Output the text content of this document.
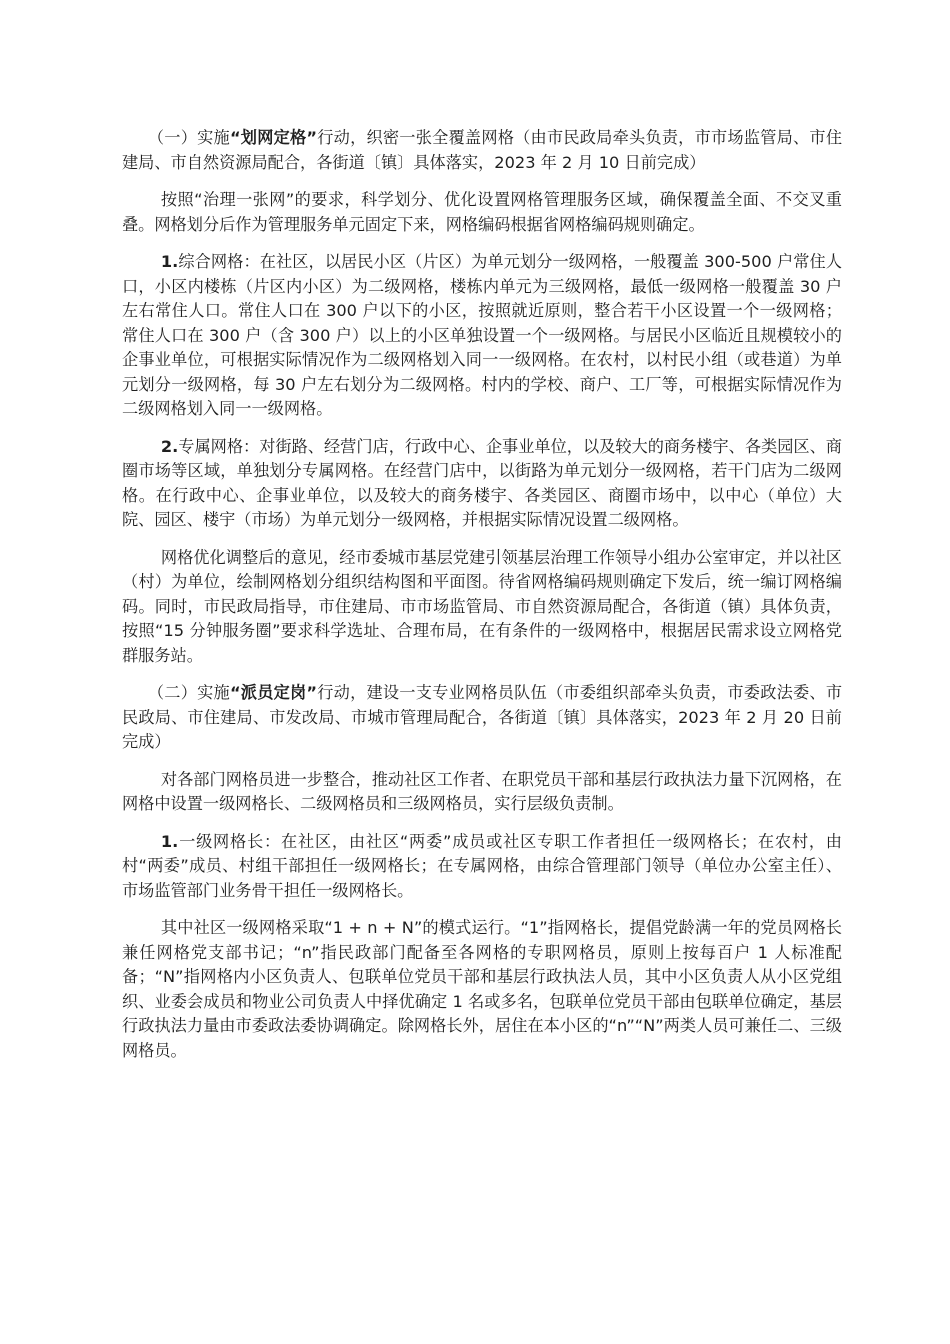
（一）实施“划网定格”行动，织密一张全覆盖网格（由市民政局牵头负责，市市场监管局、市住建局、市自然资源局配合，各街道〔镇〕具体落实，2023 年 2 月 10 日前完成）

按照“治理一张网”的要求，科学划分、优化设置网格管理服务区域，确保覆盖全面、不交叉重叠。网格划分后作为管理服务单元固定下来，网格编码根据省网格编码规则确定。

1.综合网格：在社区，以居民小区（片区）为单元划分一级网格，一般覆盖 300-500 户常住人口，小区内楼栋（片区内小区）为二级网格，楼栋内单元为三级网格，最低一级网格一般覆盖 30 户左右常住人口。常住人口在 300 户以下的小区，按照就近原则，整合若干小区设置一个一级网格；常住人口在 300 户（含 300 户）以上的小区单独设置一个一级网格。与居民小区临近且规模较小的企事业单位，可根据实际情况作为二级网格划入同一一级网格。在农村，以村民小组（或巷道）为单元划分一级网格，每 30 户左右划分为二级网格。村内的学校、商户、工厂等，可根据实际情况作为二级网格划入同一一级网格。

2.专属网格：对街路、经营门店，行政中心、企事业单位，以及较大的商务楼宇、各类园区、商圈市场等区域，单独划分专属网格。在经营门店中，以街路为单元划分一级网格，若干门店为二级网格。在行政中心、企事业单位，以及较大的商务楼宇、各类园区、商圈市场中，以中心（单位）大院、园区、楼宇（市场）为单元划分一级网格，并根据实际情况设置二级网格。

网格优化调整后的意见，经市委城市基层党建引领基层治理工作领导小组办公室审定，并以社区（村）为单位，绘制网格划分组织结构图和平面图。待省网格编码规则确定下发后，统一编订网格编码。同时，市民政局指导，市住建局、市市场监管局、市自然资源局配合，各街道（镇）具体负责，按照“15 分钟服务圈”要求科学选址、合理布局，在有条件的一级网格中，根据居民需求设立网格党群服务站。

（二）实施“派员定岗”行动，建设一支专业网格员队伍（市委组织部牵头负责，市委政法委、市民政局、市住建局、市发改局、市城市管理局配合，各街道〔镇〕具体落实，2023 年 2 月 20 日前完成）

对各部门网格员进一步整合，推动社区工作者、在职党员干部和基层行政执法力量下沉网格，在网格中设置一级网格长、二级网格员和三级网格员，实行层级负责制。

1.一级网格长：在社区，由社区“两委”成员或社区专职工作者担任一级网格长；在农村，由村“两委”成员、村组干部担任一级网格长；在专属网格，由综合管理部门领导（单位办公室主任）、市场监管部门业务骨干担任一级网格长。

其中社区一级网格采取“1 + n + N”的模式运行。“1”指网格长，提倡党龄满一年的党员网格长兼任网格党支部书记；“n”指民政部门配备至各网格的专职网格员，原则上按每百户 1 人标准配备；“N”指网格内小区负责人、包联单位党员干部和基层行政执法人员，其中小区负责人从小区党组织、业委会成员和物业公司负责人中择优确定 1 名或多名，包联单位党员干部由包联单位确定，基层行政执法力量由市委政法委协调确定。除网格长外，居住在本小区的“n”“N”两类人员可兼任二、三级网格员。
